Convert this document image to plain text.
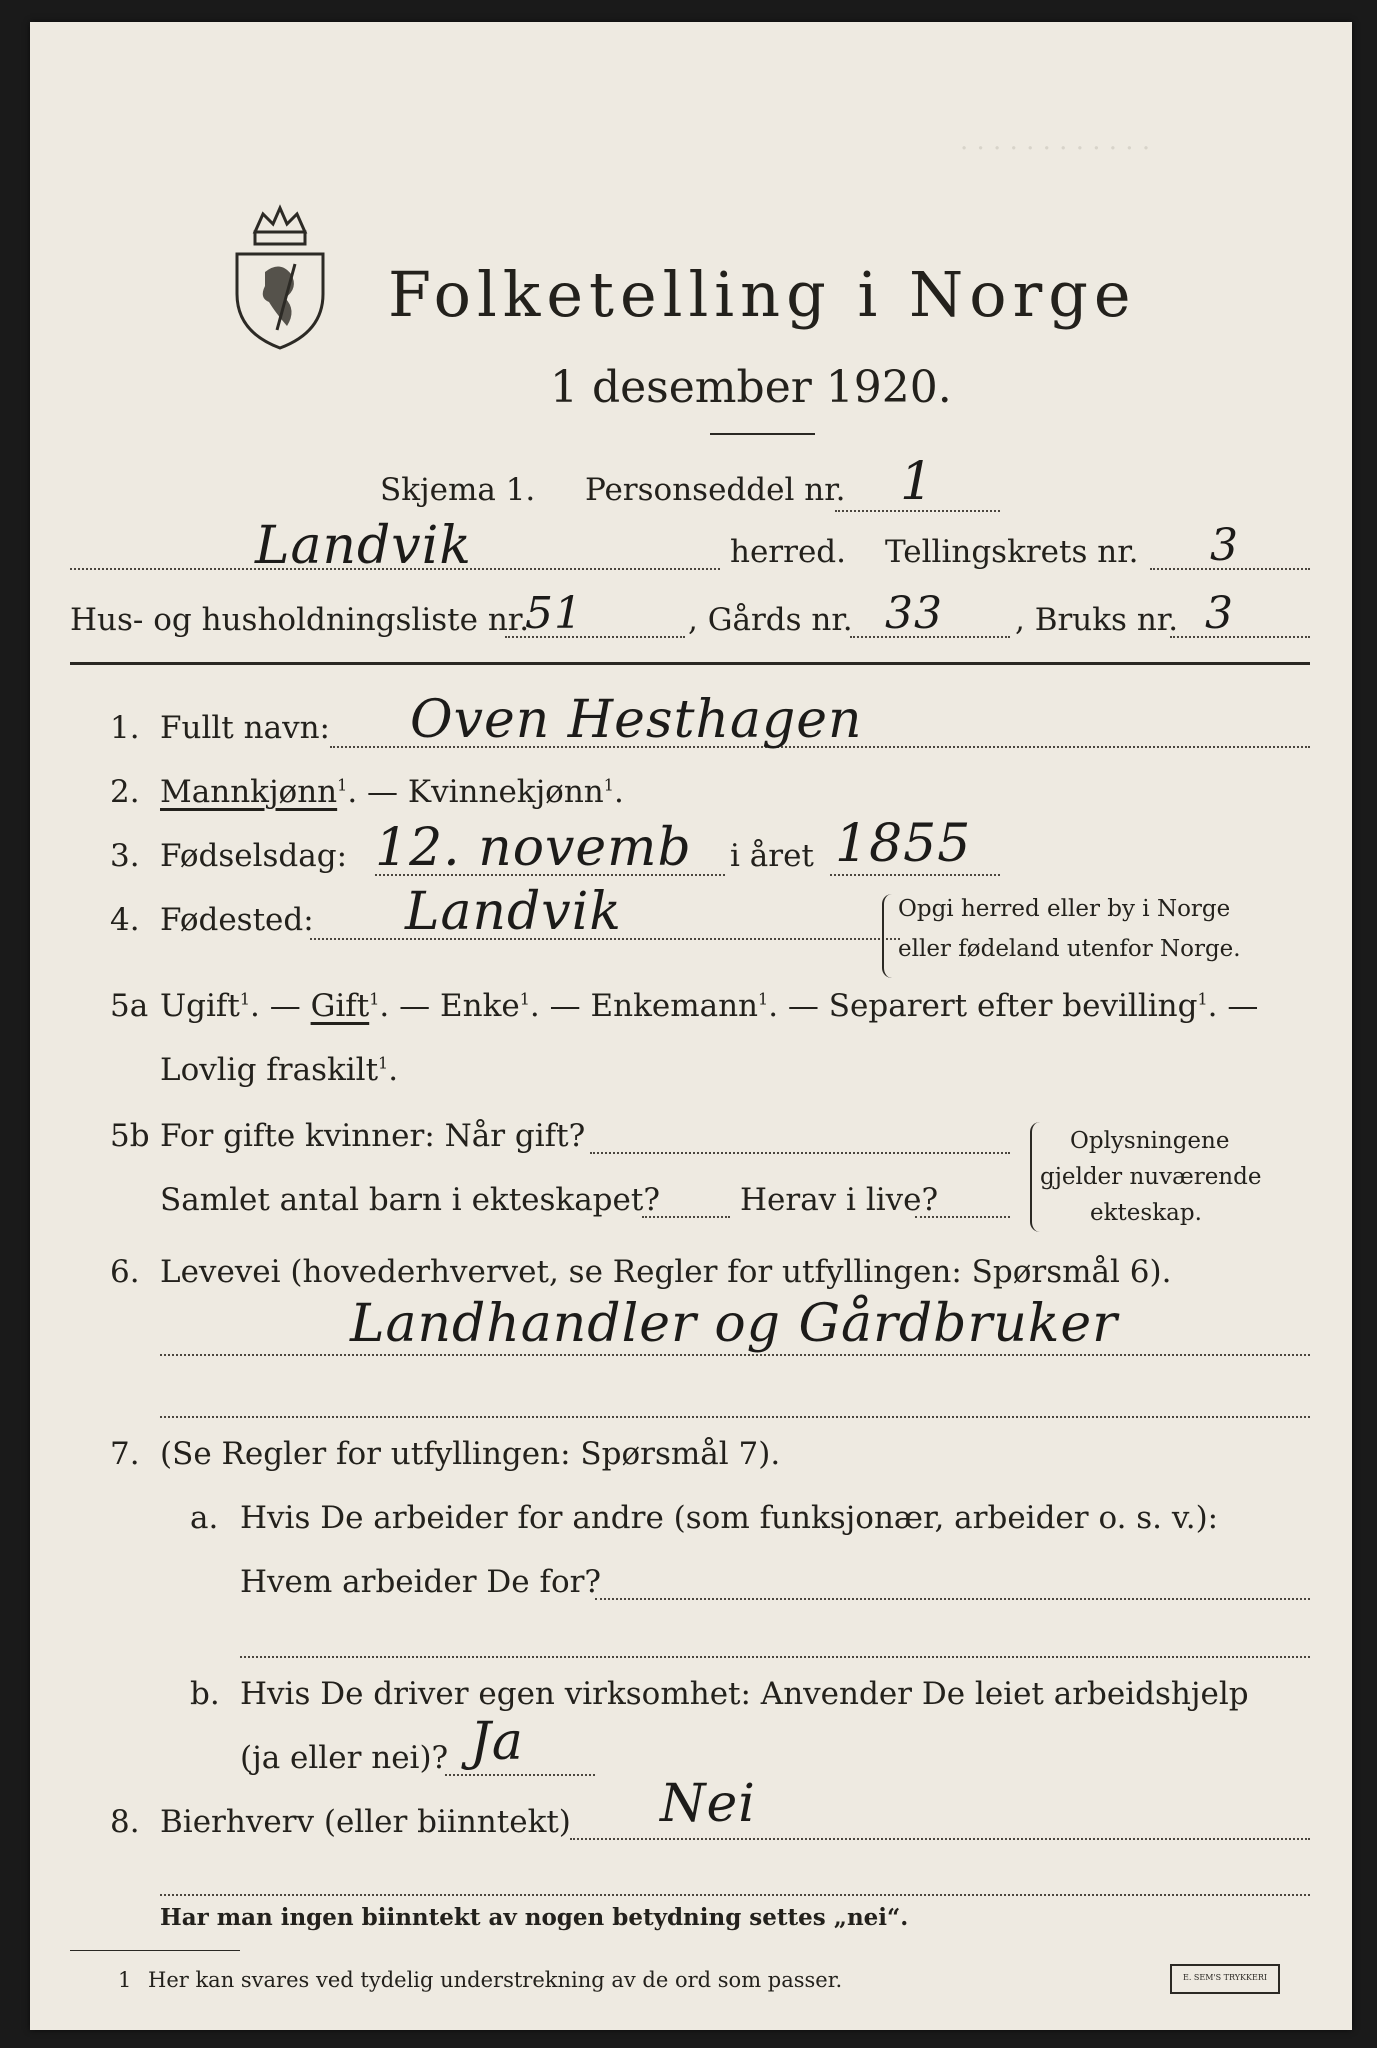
· · · · · · · · · · · ·
Folketelling i Norge
1 desember 1920.
Skjema 1. Personseddel nr. 1
Landvik	herred. Tellingskrets nr. 3
Hus- og husholdningsliste nr.
51	, Gårds nr. 33 , Bruks nr. 3
1. Fullt navn: Oven Hesthagen
2. Mannkjønn$^1$. — Kvinnekjønn$^1$.
3. Fødselsdag: 12. novemb i året 1855
4. Fødested: Landvik	Opgi herred eller by i Norge
eller fødeland utenfor Norge.
5a Ugift$^1$. — Gift$^1$. — Enke$^1$. — Enkemann$^1$. — Separert efter bevilling$^1$. —
Lovlig fraskilt$^1$.
5b For gifte kvinner: Når gift?
Samlet antal barn i ekteskapet?	Herav i live?
Oplysningene
gjelder nuværende
ekteskap.
6. Levevei (hovederhvervet, se Regler for utfyllingen: Spørsmål 6).
Landhandler og Gårdbruker
7. (Se Regler for utfyllingen: Spørsmål 7).
a. Hvis De arbeider for andre (som funksjonær, arbeider o. s. v.):
Hvem arbeider De for?
b. Hvis De driver egen virksomhet: Anvender De leiet arbeidshjelp
(ja eller nei)? Ja
8. Bierhverv (eller biinntekt) Nei
Har man ingen biinntekt av nogen betydning settes „nei“.
1 Her kan svares ved tydelig understrekning av de ord som passer.	E. SEM'S TRYKKERI
